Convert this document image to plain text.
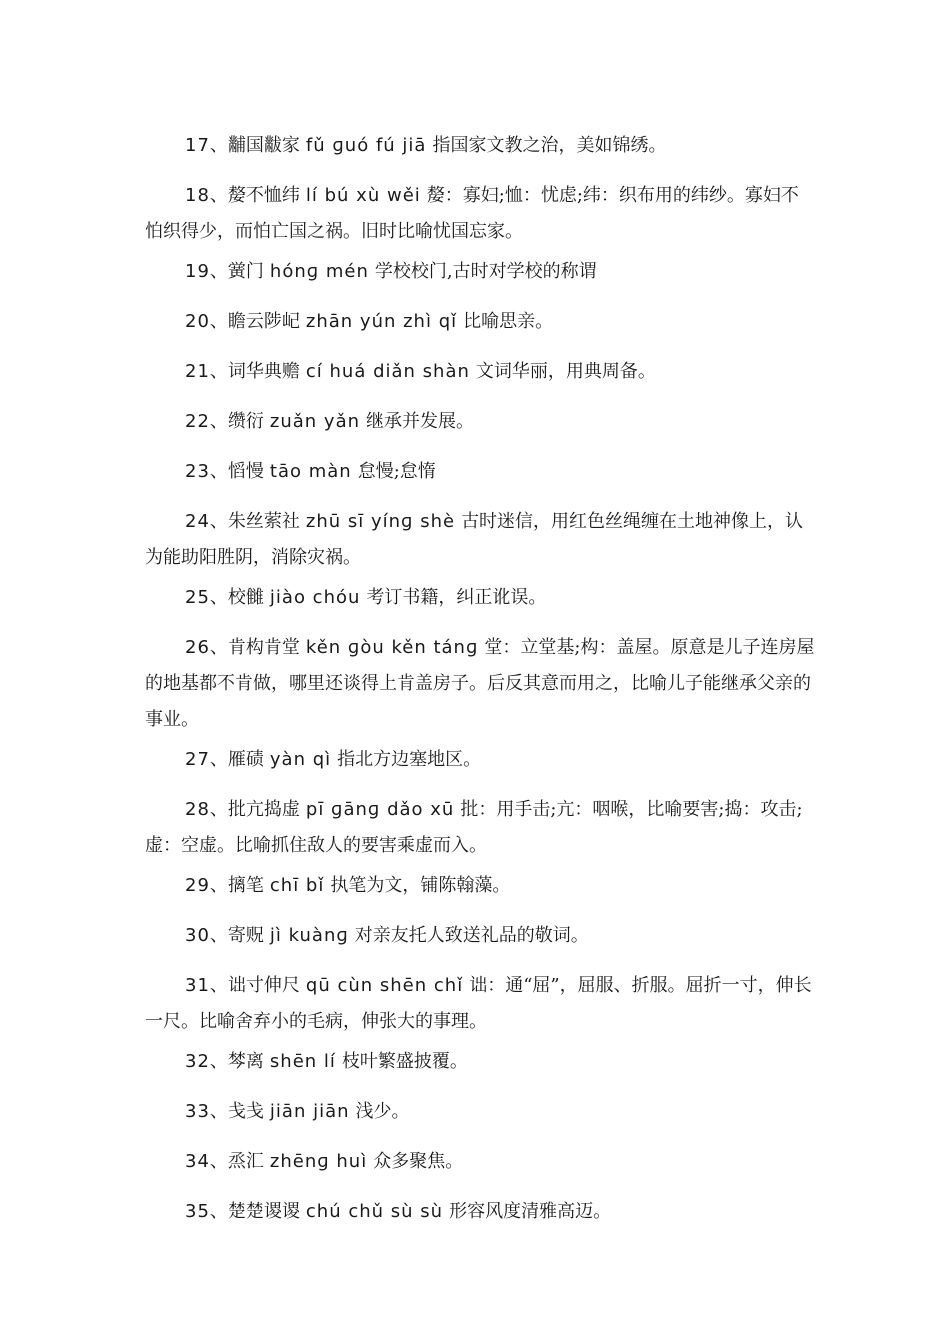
17、黼国黻家 fǔ ɡuó fú jiā 指国家文教之治，美如锦绣。

18、嫠不恤纬 lí bú xù wěi 嫠：寡妇;恤：忧虑;纬：织布用的纬纱。寡妇不怕织得少，而怕亡国之祸。旧时比喻忧国忘家。

19、黉门 hónɡ mén 学校校门,古时对学校的称谓

20、瞻云陟屺 zhān yún zhì qǐ 比喻思亲。

21、词华典赡 cí huá diǎn shàn 文词华丽，用典周备。

22、缵衍 zuǎn yǎn 继承并发展。

23、慆慢 tāo màn 怠慢;怠惰

24、朱丝萦社 zhū sī yínɡ shè 古时迷信，用红色丝绳缠在土地神像上，认为能助阳胜阴，消除灾祸。

25、校雠 jiào chóu 考订书籍，纠正讹误。

26、肯构肯堂 kěn ɡòu kěn tánɡ 堂：立堂基;构：盖屋。原意是儿子连房屋的地基都不肯做，哪里还谈得上肯盖房子。后反其意而用之，比喻儿子能继承父亲的事业。

27、雁碛 yàn qì 指北方边塞地区。

28、批亢捣虚 pī ɡānɡ dǎo xū 批：用手击;亢：咽喉，比喻要害;捣：攻击;虚：空虚。比喻抓住敌人的要害乘虚而入。

29、摛笔 chī bǐ 执笔为文，铺陈翰藻。

30、寄贶 jì kuànɡ 对亲友托人致送礼品的敬词。

31、诎寸伸尺 qū cùn shēn chǐ 诎：通“屈”，屈服、折服。屈折一寸，伸长一尺。比喻舍弃小的毛病，伸张大的事理。

32、棽离 shēn lí 枝叶繁盛披覆。

33、戋戋 jiān jiān 浅少。

34、烝汇 zhēnɡ huì 众多聚焦。

35、楚楚谡谡 chú chǔ sù sù 形容风度清雅高迈。
